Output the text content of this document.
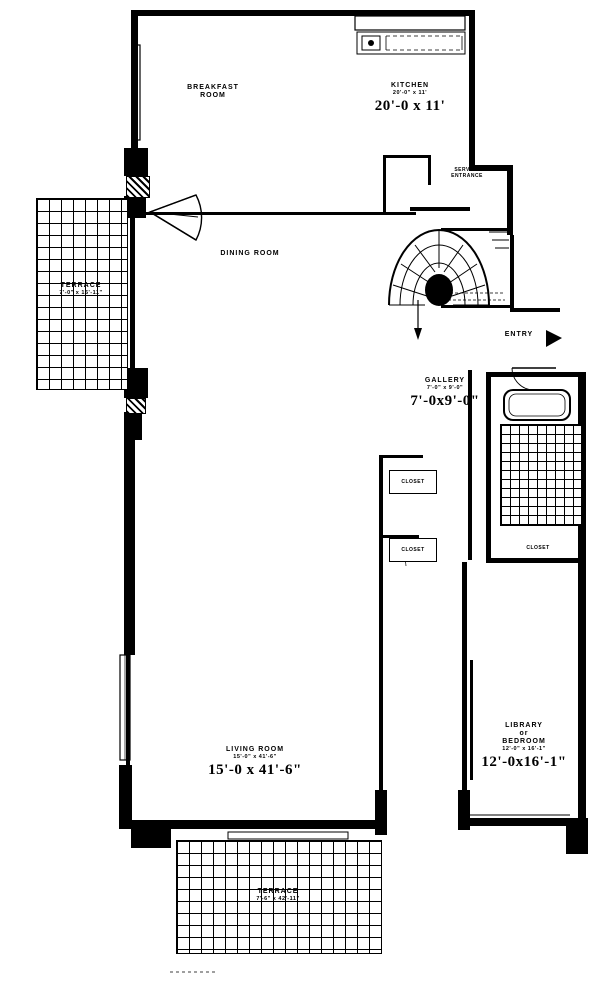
CLOSET
CLOSET	CLOSET
BREAKFAST
ROOM
KITCHEN
20'-0" x 11'
20'-0 x 11'
SERVICE
ENTRANCE
DINING ROOM
TERRACE
7'-0" x 15'-11"
ENTRY
GALLERY
7'-0" x 9'-0"
7'-0x9'-0"
LIVING ROOM
15'-0" x 41'-6"
15'-0 x 41'-6"
LIBRARY
or
BEDROOM
12'-0" x 16'-1"
12'-0x16'-1"
TERRACE
7'-6" x 42'-11"
